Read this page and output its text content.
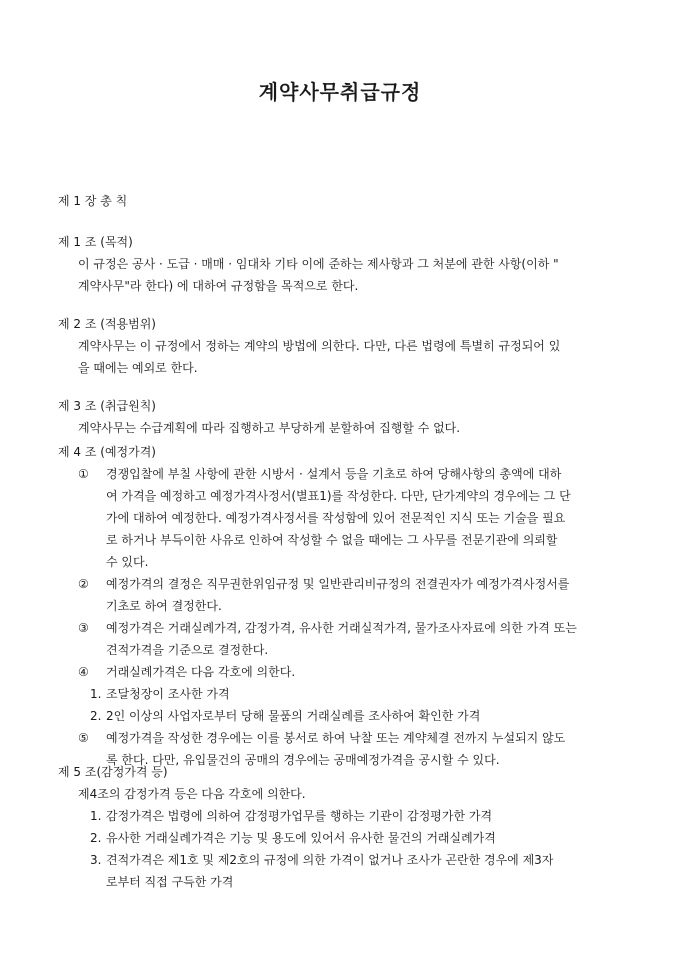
계약사무취급규정
제 1 장 총 칙
제 1 조 (목적)
이 규정은 공사 · 도급 · 매매 · 임대차 기타 이에 준하는 제사항과 그 처분에 관한 사항(이하 "
계약사무"라 한다) 에 대하여 규정함을 목적으로 한다.
제 2 조 (적용범위)
계약사무는 이 규정에서 정하는 계약의 방법에 의한다. 다만, 다른 법령에 특별히 규정되어 있
을 때에는 예외로 한다.
제 3 조 (취급원칙)
계약사무는 수급계획에 따라 집행하고 부당하게 분할하여 집행할 수 없다.
제 4 조 (예정가격)
① 경쟁입찰에 부칠 사항에 관한 시방서 · 설계서 등을 기초로 하여 당해사항의 총액에 대하
여 가격을 예정하고 예정가격사정서(별표1)를 작성한다. 다만, 단가계약의 경우에는 그 단
가에 대하여 예정한다. 예정가격사정서를 작성함에 있어 전문적인 지식 또는 기술을 필요
로 하거나 부득이한 사유로 인하여 작성할 수 없을 때에는 그 사무를 전문기관에 의뢰할
수 있다.
② 예정가격의 결정은 직무권한위임규정 및 일반관리비규정의 전결권자가 예정가격사정서를
기초로 하여 결정한다.
③ 예정가격은 거래실례가격, 감정가격, 유사한 거래실적가격, 물가조사자료에 의한 가격 또는
견적가격을 기준으로 결정한다.
④ 거래실례가격은 다음 각호에 의한다.
1. 조달청장이 조사한 가격
2. 2인 이상의 사업자로부터 당해 물품의 거래실례를 조사하여 확인한 가격
⑤ 예정가격을 작성한 경우에는 이를 봉서로 하여 낙찰 또는 계약체결 전까지 누설되지 않도
록 한다. 다만, 유입물건의 공매의 경우에는 공매예정가격을 공시할 수 있다.
제 5 조(감정가격 등)
제4조의 감정가격 등은 다음 각호에 의한다.
1. 감정가격은 법령에 의하여 감정평가업무를 행하는 기관이 감정평가한 가격
2. 유사한 거래실례가격은 기능 및 용도에 있어서 유사한 물건의 거래실례가격
3. 견적가격은 제1호 및 제2호의 규정에 의한 가격이 없거나 조사가 곤란한 경우에 제3자
로부터 직접 구득한 가격
